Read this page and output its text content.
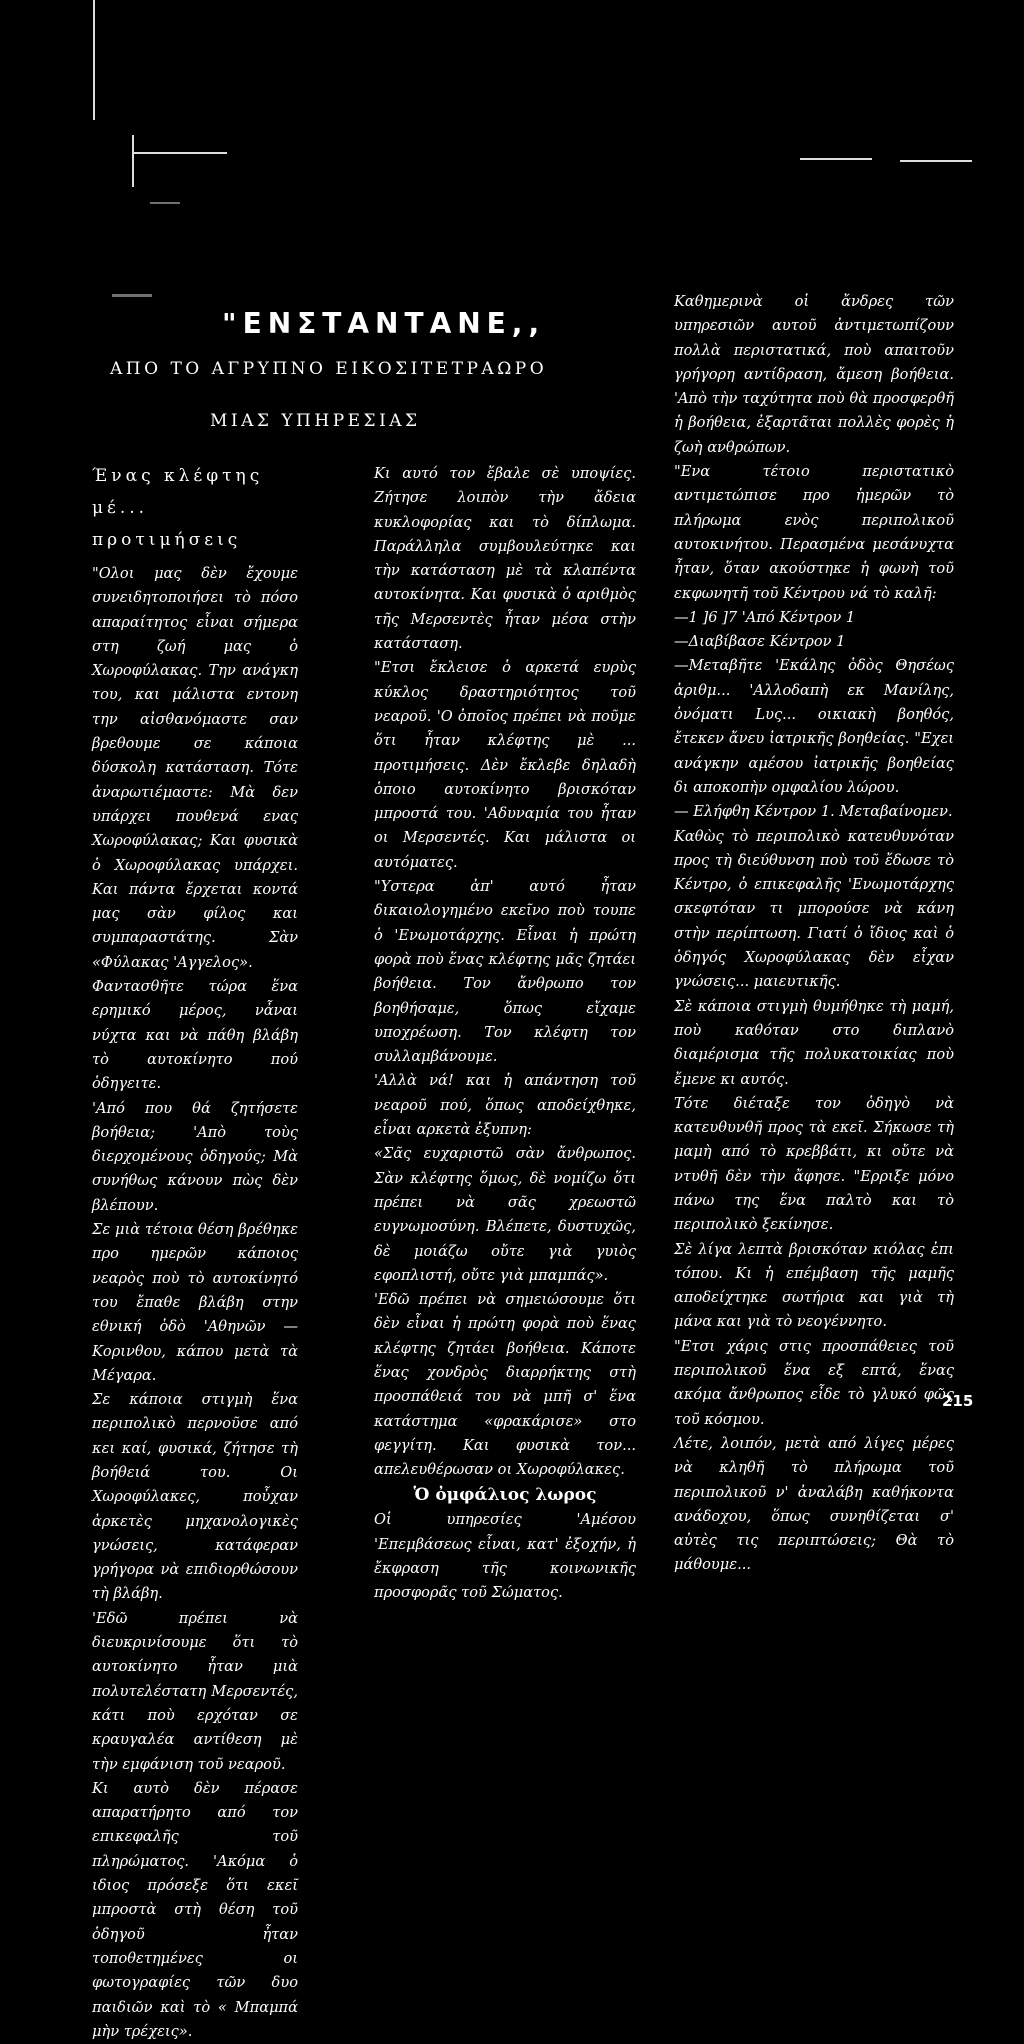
"ΕΝΣΤΑΝΤΑΝΕ,,
ΑΠΟ ΤΟ ΑΓΡΥΠΝΟ ΕΙΚΟΣΙΤΕΤΡΑΩΡΟ
ΜΙΑΣ ΥΠΗΡΕΣΙΑΣ

Ένας κλέφτης

μέ... προτιμήσεις

"Ολοι μας δὲν ἔχουμε συνειδητοποιήσει τὸ πόσο απαραίτητος εἶναι σήμερα στη ζωή μας ὁ Χωροφύλακας. Την ανάγκη του, και μάλιστα εντονη την αἰσθανόμαστε σαν βρεθουμε σε κάποια δύσκολη κατάσταση. Τότε ἀναρωτιέμαστε: Μὰ δεν υπάρχει πουθενά ενας Χωροφύλακας; Και φυσικὰ ὁ Χωροφύλακας υπάρχει. Και πάντα ἔρχεται κοντά μας σὰν φίλος και συμπαραστάτης. Σὰν «Φύλακας 'Αγγελος».

Φαντασθῆτε τώρα ἕνα ερημικό μέρος, νἆναι νύχτα και νὰ πάθη βλάβη τὸ αυτοκίνητο πού ὁδηγειτε.

'Από που θά ζητήσετε βοήθεια; 'Απὸ τοὺς διερχομένους ὁδηγούς; Μὰ συνήθως κάνουν πὼς δὲν βλέπουν.

Σε μιὰ τέτοια θέση βρέθηκε προ ημερῶν κάποιος νεαρὸς ποὺ τὸ αυτοκίνητό του ἔπαθε βλάβη στην εθνική ὁδὸ 'Αθηνῶν —Κορινθου, κάπου μετὰ τὰ Μέγαρα.

Σε κάποια στιγμὴ ἕνα περιπολικὸ περνοῦσε από κει καί, φυσικά, ζήτησε τὴ βοήθειά του. Οι Χωροφύλακες, ποὖχαν ἀρκετὲς μηχανολογικὲς γνώσεις, κατάφεραν γρήγορα νὰ επιδιορθώσουν τὴ βλάβη.

'Εδῶ πρέπει νὰ διευκρινίσουμε ὅτι τὸ αυτοκίνητο ἦταν μιὰ πολυτελέστατη Μερσεντές, κάτι ποὺ ερχόταν σε κραυγαλέα αντίθεση μὲ τὴν εμφάνιση τοῦ νεαροῦ.

Κι αυτὸ δὲν πέρασε απαρατήρητο από τον επικεφαλῆς τοῦ πληρώματος. 'Ακόμα ὁ ιδιος πρόσεξε ὅτι εκεῖ μπροστὰ στὴ θέση τοῦ ὁδηγοῦ ἦταν τοποθετημένες οι φωτογραφίες τῶν δυο παιδιῶν καὶ τὸ « Μπαμπά μὴν τρέχεις».

Κι αυτό τον ἔβαλε σὲ υποψίες. Ζήτησε λοιπὸν τὴν ἄδεια κυκλοφορίας και τὸ δίπλωμα. Παράλληλα συμβουλεύτηκε και τὴν κατάσταση μὲ τὰ κλαπέντα αυτοκίνητα. Και φυσικὰ ὁ αριθμὸς τῆς Μερσεντὲς ἦταν μέσα στὴν κατάσταση.

"Ετσι ἔκλεισε ὁ αρκετά ευρὺς κύκλος δραστηριότητος τοῦ νεαροῦ. 'Ο ὁποῖος πρέπει νὰ ποῦμε ὅτι ἦταν κλέφτης μὲ ... προτιμήσεις. Δὲν ἔκλεβε δηλαδὴ ὁποιο αυτοκίνητο βρισκόταν μπροστά του. 'Αδυναμία του ἦταν οι Μερσεντές. Και μάλιστα οι αυτόματες.

"Υστερα ἀπ' αυτό ἦταν δικαιολογημένο εκεῖνο ποὺ τουπε ὁ 'Ενωμοτάρχης. Εἶναι ἡ πρώτη φορὰ ποὺ ἕνας κλέφτης μᾶς ζητάει βοήθεια. Τον ἄνθρωπο τον βοηθήσαμε, ὅπως εἴχαμε υποχρέωση. Τον κλέφτη τον συλλαμβάνουμε.

'Αλλὰ νά! και ἡ απάντηση τοῦ νεαροῦ πού, ὅπως αποδείχθηκε, εἶναι αρκετὰ ἐξυπνη:

«Σᾶς ευχαριστῶ σὰν ἄνθρωπος. Σὰν κλέφτης ὅμως, δὲ νομίζω ὅτι πρέπει νὰ σᾶς χρεωστῶ ευγνωμοσύνη. Βλέπετε, δυστυχῶς, δὲ μοιάζω οὔτε γιὰ γυιὸς εφοπλιστή, οὔτε γιὰ μπαμπάς».

'Εδῶ πρέπει νὰ σημειώσουμε ὅτι δὲν εἶναι ἡ πρώτη φορὰ ποὺ ἕνας κλέφτης ζητάει βοήθεια. Κάποτε ἕνας χονδρὸς διαρρήκτης στὴ προσπάθειά του νὰ μπῆ σ' ἕνα κατάστημα «φρακάρισε» στο φεγγίτη. Και φυσικὰ τον... απελευθέρωσαν οι Χωροφύλακες.

Ὁ ὀμφάλιος λωρος

Οἱ υπηρεσίες 'Αμέσου 'Επεμβάσεως εἶναι, κατ' ἐξοχήν, ἡ ἔκφραση τῆς κοινωνικῆς προσφορᾶς τοῦ Σώματος.

Καθημερινὰ οἱ ἄνδρες τῶν υπηρεσιῶν αυτοῦ ἀντιμετωπίζουν πολλὰ περιστατικά, ποὺ απαιτοῦν γρήγορη αντίδραση, ἄμεση βοήθεια. 'Απὸ τὴν ταχύτητα ποὺ θὰ προσφερθῆ ἡ βοήθεια, ἐξαρτᾶται πολλὲς φορὲς ἡ ζωὴ ανθρώπων.

"Ενα τέτοιο περιστατικὸ αντιμετώπισε προ ἡμερῶν τὸ πλήρωμα ενὸς περιπολικοῦ αυτοκινήτου. Περασμένα μεσάνυχτα ἦταν, ὅταν ακούστηκε ἡ φωνὴ τοῦ εκφωνητῆ τοῦ Κέντρου νά τὸ καλῆ:

—1 ]6 ]7 'Από Κέντρον 1

—Διαβίβασε Κέντρον 1

—Μεταβῆτε 'Εκάλης ὁδὸς Θησέως ἀριθμ... 'Αλλοδαπὴ εκ Μανίλης, ὀνόματι Lυς... οικιακὴ βοηθός, ἔτεκεν ἄνευ ἰατρικῆς βοηθείας. "Εχει ανάγκην αμέσου ἰατρικῆς βοηθείας δι αποκοπὴν ομφαλίου λώρου.

— Ελήφθη Κέντρον 1. Μεταβαίνομεν.

Καθὼς τὸ περιπολικὸ κατευθυνόταν προς τὴ διεύθυνση ποὺ τοῦ ἔδωσε τὸ Κέντρο, ὁ επικεφαλῆς 'Ενωμοτάρχης σκεφτόταν τι μπορούσε νὰ κάνη στὴν περίπτωση. Γιατί ὁ ἴδιος καὶ ὁ ὁδηγός Χωροφύλακας δὲν εἶχαν γνώσεις... μαιευτικῆς.

Σὲ κάποια στιγμὴ θυμήθηκε τὴ μαμή, ποὺ καθόταν στο διπλανὸ διαμέρισμα τῆς πολυκατοικίας ποὺ ἔμενε κι αυτός.

Τότε διέταξε τον ὁδηγὸ νὰ κατευθυνθῆ προς τὰ εκεῖ. Σήκωσε τὴ μαμὴ από τὸ κρεββάτι, κι οὔτε νὰ ντυθῆ δὲν τὴν ἄφησε. "Ερριξε μόνο πάνω της ἕνα παλτὸ και τὸ περιπολικὸ ξεκίνησε.

Σὲ λίγα λεπτὰ βρισκόταν κιόλας ἐπι τόπου. Κι ἡ επέμβαση τῆς μαμῆς αποδείχτηκε σωτήρια και γιὰ τὴ μάνα και γιὰ τὸ νεογέννητο.

"Ετσι χάρις στις προσπάθειες τοῦ περιπολικοῦ ἕνα εξ επτά, ἕνας ακόμα ἄνθρωπος εἶδε τὸ γλυκό φῶς τοῦ κόσμου.

Λέτε, λοιπόν, μετὰ από λίγες μέρες νὰ κληθῆ τὸ πλήρωμα τοῦ περιπολικοῦ ν' ἀναλάβη καθήκοντα ανάδοχου, ὅπως συνηθίζεται σ' αὐτὲς τις περιπτώσεις; Θὰ τὸ μάθουμε...

215
